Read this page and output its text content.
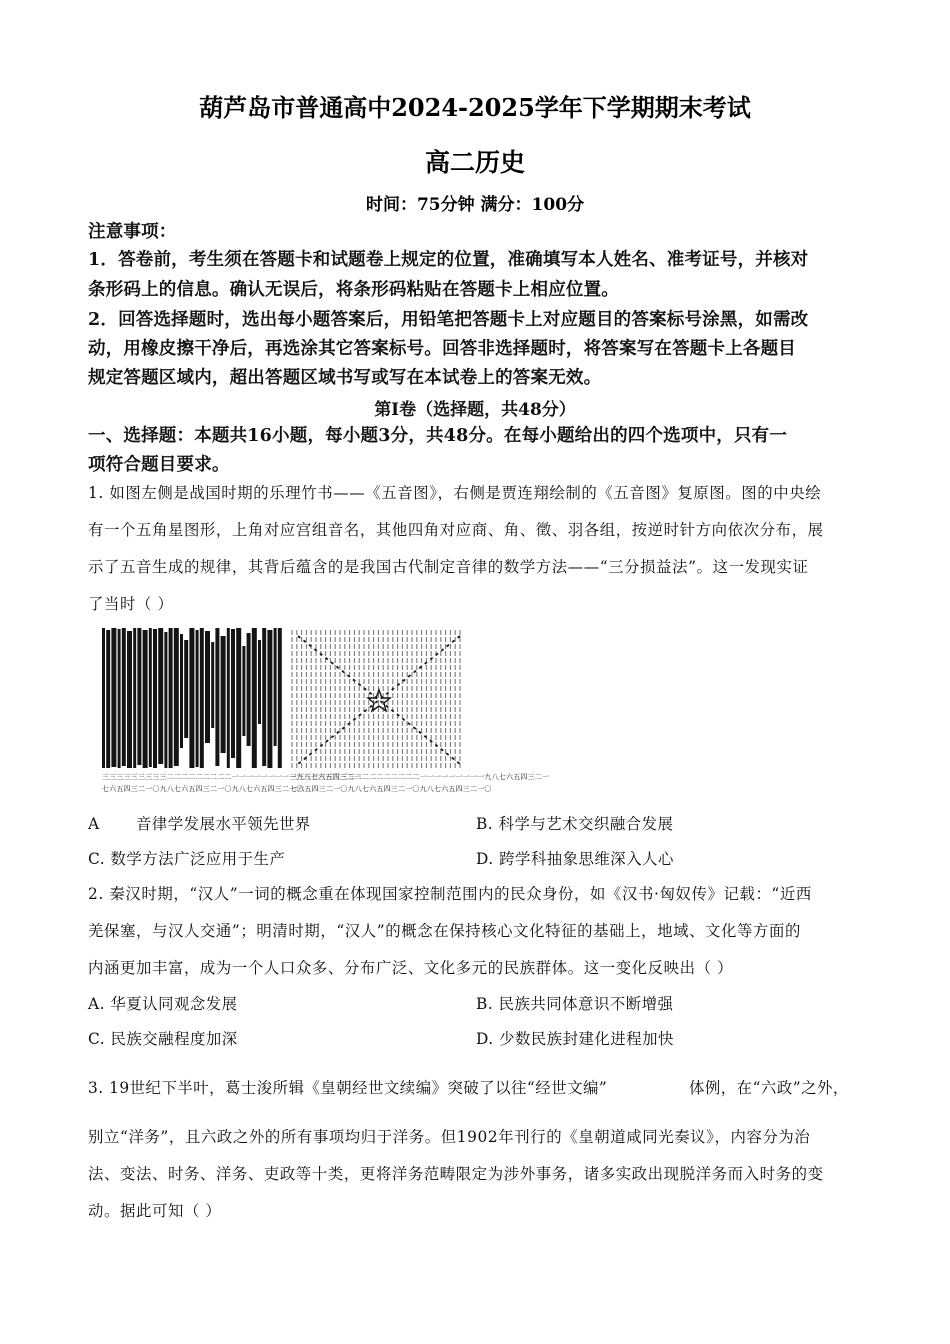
葫芦岛市普通高中2024-2025学年下学期期末考试
高二历史
时间：75分钟 满分：100分
注意事项：
1．答卷前，考生须在答题卡和试题卷上规定的位置，准确填写本人姓名、准考证号，并核对
条形码上的信息。确认无误后，将条形码粘贴在答题卡上相应位置。
2．回答选择题时，选出每小题答案后，用铅笔把答题卡上对应题目的答案标号涂黑，如需改
动，用橡皮擦干净后，再选涂其它答案标号。回答非选择题时，将答案写在答题卡上各题目
规定答题区域内，超出答题区域书写或写在本试卷上的答案无效。
第Ⅰ卷（选择题，共48分）
一、选择题：本题共16小题，每小题3分，共48分。在每小题给出的四个选项中，只有一
项符合题目要求。
1. 如图左侧是战国时期的乐理竹书——《五音图》，右侧是贾连翔绘制的《五音图》复原图。图的中央绘
有一个五角星图形，上角对应宫组音名，其他四角对应商、角、徵、羽各组，按逆时针方向依次分布，展
示了五音生成的规律，其背后蕴含的是我国古代制定音律的数学方法——“三分损益法”。这一发现实证
了当时（ ）
三三三三三三三三三二二二二二二二二二一一一一一一一一一九八七六五四三二一
七六五四三二一〇九八七六五四三二一〇九八七六五四三二一〇
三三三三三三三三三二二二二二二二二二一一一一一一一一一九八七六五四三二一
七六五四三二一〇九八七六五四三二一〇九八七六五四三二一〇
A 音律学发展水平领先世界	B. 科学与艺术交织融合发展
C. 数学方法广泛应用于生产	D. 跨学科抽象思维深入人心
2. 秦汉时期，“汉人”一词的概念重在体现国家控制范围内的民众身份，如《汉书·匈奴传》记载：“近西
羌保塞，与汉人交通”；明清时期，“汉人”的概念在保持核心文化特征的基础上，地域、文化等方面的
内涵更加丰富，成为一个人口众多、分布广泛、文化多元的民族群体。这一变化反映出（ ）
A. 华夏认同观念发展	B. 民族共同体意识不断增强
C. 民族交融程度加深	D. 少数民族封建化进程加快
3. 19世纪下半叶，葛士浚所辑《皇朝经世文续编》突破了以往“经世文编”	体例，在“六政”之外，
别立“洋务”，且六政之外的所有事项均归于洋务。但1902年刊行的《皇朝道咸同光奏议》，内容分为治
法、变法、时务、洋务、吏政等十类，更将洋务范畴限定为涉外事务，诸多实政出现脱洋务而入时务的变
动。据此可知（ ）
